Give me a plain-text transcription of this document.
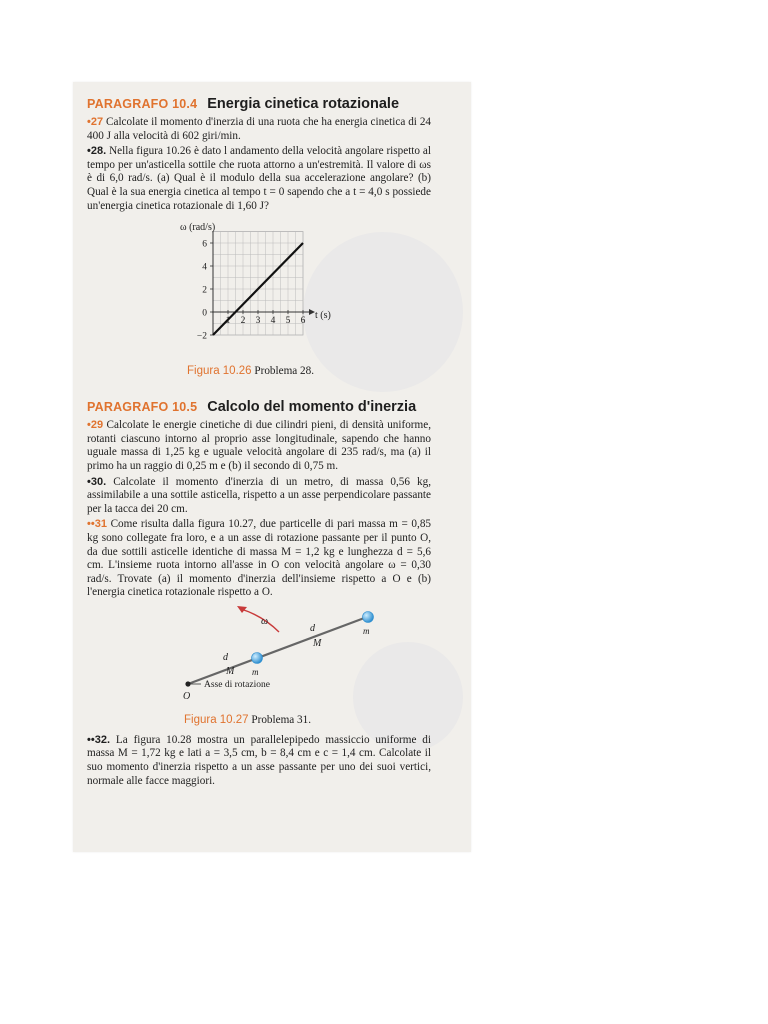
PARAGRAFO 10.4 Energia cinetica rotazionale

•27 Calcolate il momento d'inerzia di una ruota che ha energia cinetica di 24 400 J alla velocità di 602 giri/min.

•28. Nella figura 10.26 è dato l andamento della velocità angolare rispetto al tempo per un'asticella sottile che ruota attorno a un'estremità. Il valore di ωs è di 6,0 rad/s. (a) Qual è il modulo della sua accelerazione angolare? (b) Qual è la sua energia cinetica al tempo t = 0 sapendo che a t = 4,0 s possiede un'energia cinetica rotazionale di 1,60 J?

6
4
2
0
−2
1 2 3 4 5 6
ω (rad/s)
t (s)
Figura 10.26 Problema 28.
PARAGRAFO 10.5 Calcolo del momento d'inerzia

•29 Calcolate le energie cinetiche di due cilindri pieni, di densità uniforme, rotanti ciascuno intorno al proprio asse longitudinale, sapendo che hanno uguale massa di 1,25 kg e uguale velocità angolare di 235 rad/s, ma (a) il primo ha un raggio di 0,25 m e (b) il secondo di 0,75 m.

•30. Calcolate il momento d'inerzia di un metro, di massa 0,56 kg, assimilabile a una sottile asticella, rispetto a un asse perpendicolare passante per la tacca dei 20 cm.

••31 Come risulta dalla figura 10.27, due particelle di pari massa m = 0,85 kg sono collegate fra loro, e a un asse di rotazione passante per il punto O, da due sottili asticelle identiche di massa M = 1,2 kg e lunghezza d = 5,6 cm. L'insieme ruota intorno all'asse in O con velocità angolare ω = 0,30 rad/s. Trovate (a) il momento d'inerzia dell'insieme rispetto a O e (b) l'energia cinetica rotazionale rispetto a O.

ω
d
M
m
d
M m
Asse di rotazione
O
Figura 10.27 Problema 31.

••32. La figura 10.28 mostra un parallelepipedo massiccio uniforme di massa M = 1,72 kg e lati a = 3,5 cm, b = 8,4 cm e c = 1,4 cm. Calcolate il suo momento d'inerzia rispetto a un asse passante per uno dei suoi vertici, normale alle facce maggiori.
